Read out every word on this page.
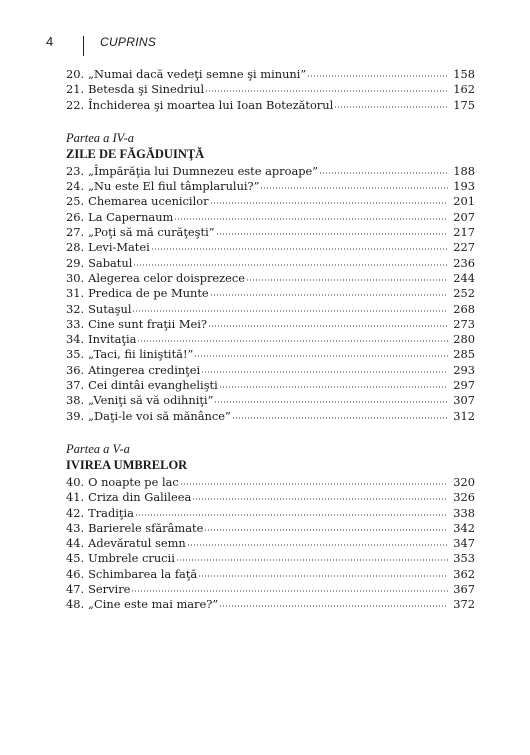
4	CUPRINS
20. „Numai dacă vedeţi semne şi minuni”	158
21. Betesda şi Sinedriul	162
22. Închiderea şi moartea lui Ioan Botezătorul	175
Partea a IV-a
ZILE DE FĂGĂDUINŢĂ
23. „Împărăţia lui Dumnezeu este aproape”	188
24. „Nu este El fiul tâmplarului?”	193
25. Chemarea ucenicilor	201
26. La Capernaum	207
27. „Poţi să mă curăţeşti”	217
28. Levi-Matei	227
29. Sabatul	236
30. Alegerea celor doisprezece	244
31. Predica de pe Munte	252
32. Sutaşul	268
33. Cine sunt fraţii Mei?	273
34. Invitaţia	280
35. „Taci, fii liniştită!”	285
36. Atingerea credinţei	293
37. Cei dintâi evanghelişti	297
38. „Veniţi să vă odihniţi”	307
39. „Daţi-le voi să mănânce”	312
Partea a V-a
IVIREA UMBRELOR
40. O noapte pe lac	320
41. Criza din Galileea	326
42. Tradiţia	338
43. Barierele sfărâmate	342
44. Adevăratul semn	347
45. Umbrele crucii	353
46. Schimbarea la faţă	362
47. Servire	367
48. „Cine este mai mare?”	372
